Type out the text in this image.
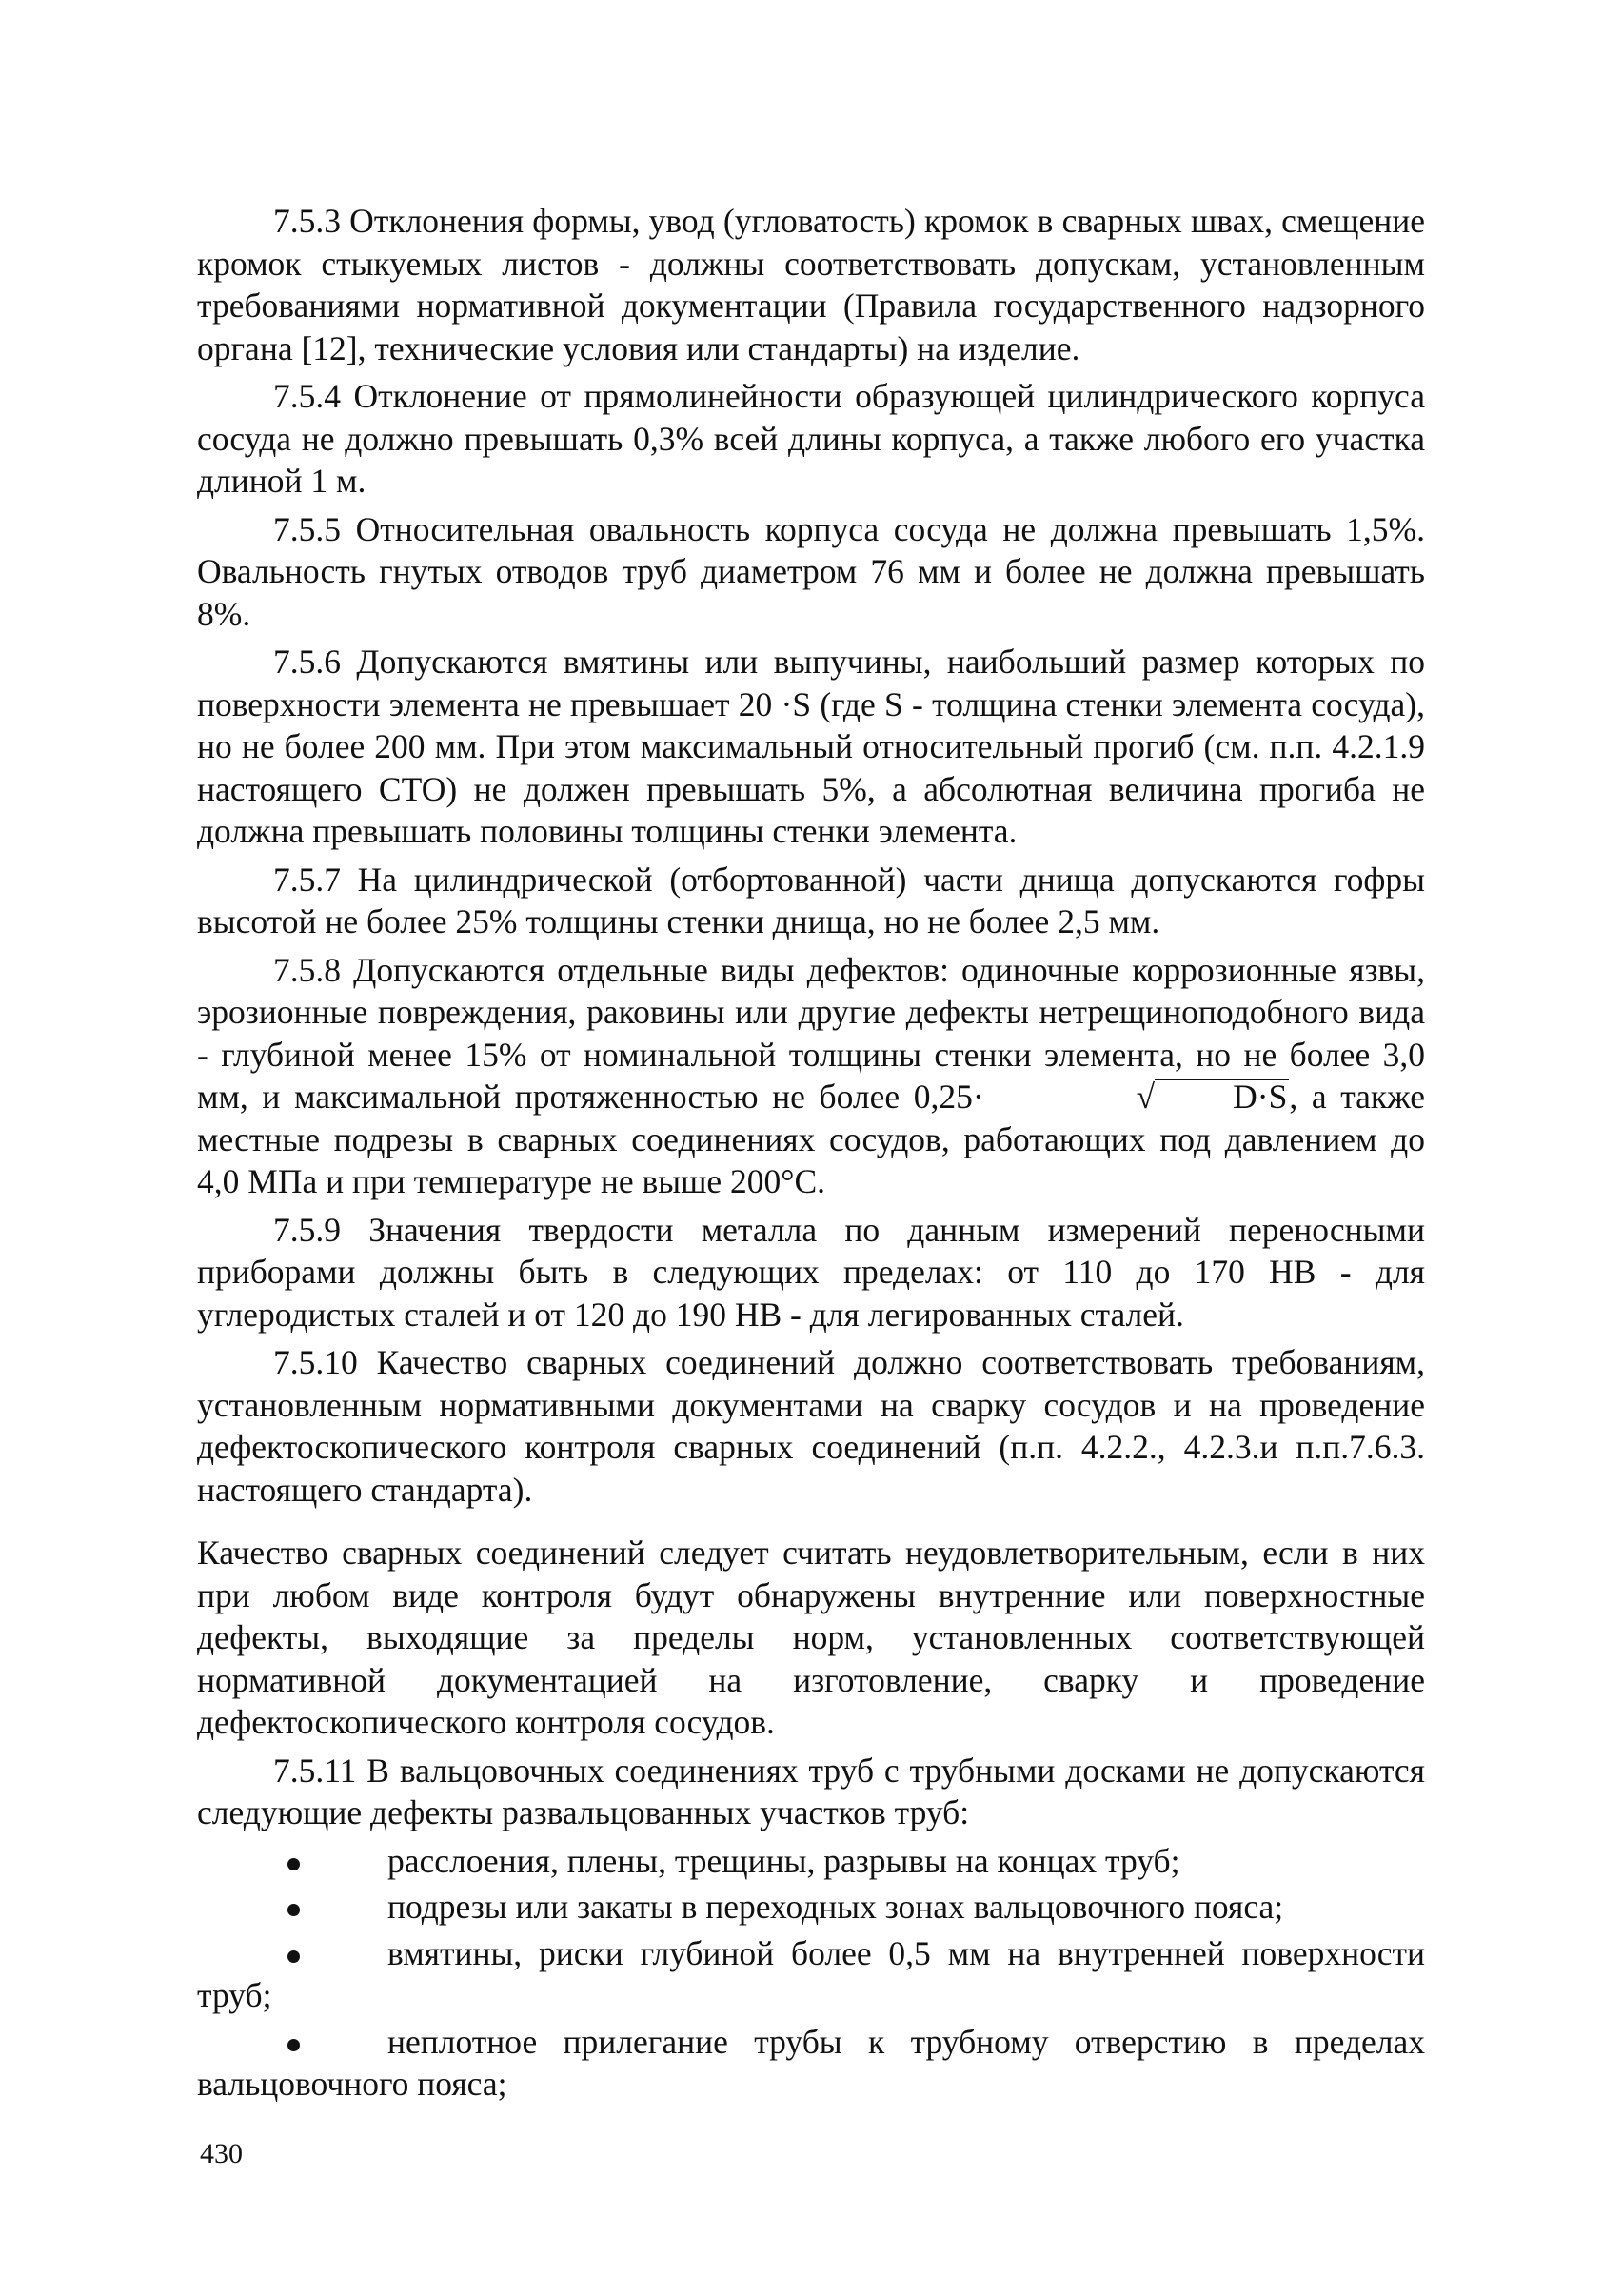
7.5.3 Отклонения формы, увод (угловатость) кромок в сварных швах, смещение кромок стыкуемых листов - должны соответствовать допускам, установленным требованиями нормативной документации (Правила государственного надзорного органа [12], технические условия или стандарты) на изделие.

7.5.4 Отклонение от прямолинейности образующей цилиндрического корпуса сосуда не должно превышать 0,3% всей длины корпуса, а также любого его участка длиной 1 м.

7.5.5 Относительная овальность корпуса сосуда не должна превышать 1,5%. Овальность гнутых отводов труб диаметром 76 мм и более не должна превышать 8%.

7.5.6 Допускаются вмятины или выпучины, наибольший размер которых по поверхности элемента не превышает 20 ·S (где S - толщина стенки элемента сосуда), но не более 200 мм. При этом максимальный относительный прогиб (см. п.п. 4.2.1.9 настоящего СТО) не должен превышать 5%, а абсолютная величина прогиба не должна превышать половины толщины стенки элемента.

7.5.7 На цилиндрической (отбортованной) части днища допускаются гофры высотой не более 25% толщины стенки днища, но не более 2,5 мм.

7.5.8 Допускаются отдельные виды дефектов: одиночные коррозионные язвы, эрозионные повреждения, раковины или другие дефекты нетрещиноподобного вида - глубиной менее 15% от номинальной толщины стенки элемента, но не более 3,0 мм, и максимальной протяженностью не более 0,25·	√ D·S, а также местные подрезы в сварных соединениях сосудов, работающих под давлением до 4,0 МПа и при температуре не выше 200°С.

7.5.9 Значения твердости металла по данным измерений переносными приборами должны быть в следующих пределах: от 110 до 170 НВ - для углеродистых сталей и от 120 до 190 НВ - для легированных сталей.

7.5.10 Качество сварных соединений должно соответствовать требованиям, установленным нормативными документами на сварку сосудов и на проведение дефектоскопического контроля сварных соединений (п.п. 4.2.2., 4.2.3.и п.п.7.6.3. настоящего стандарта).

Качество сварных соединений следует считать неудовлетворительным, если в них при любом виде контроля будут обнаружены внутренние или поверхностные дефекты, выходящие за пределы норм, установленных соответствующей нормативной документацией на изготовление, сварку и проведение дефектоскопического контроля сосудов.

7.5.11 В вальцовочных соединениях труб с трубными досками не допускаются следующие дефекты развальцованных участков труб:

расслоения, плены, трещины, разрывы на концах труб;
подрезы или закаты в переходных зонах вальцовочного пояса;
вмятины, риски глубиной более 0,5 мм на внутренней поверхности труб;
неплотное прилегание трубы к трубному отверстию в пределах вальцовочного пояса;
430
